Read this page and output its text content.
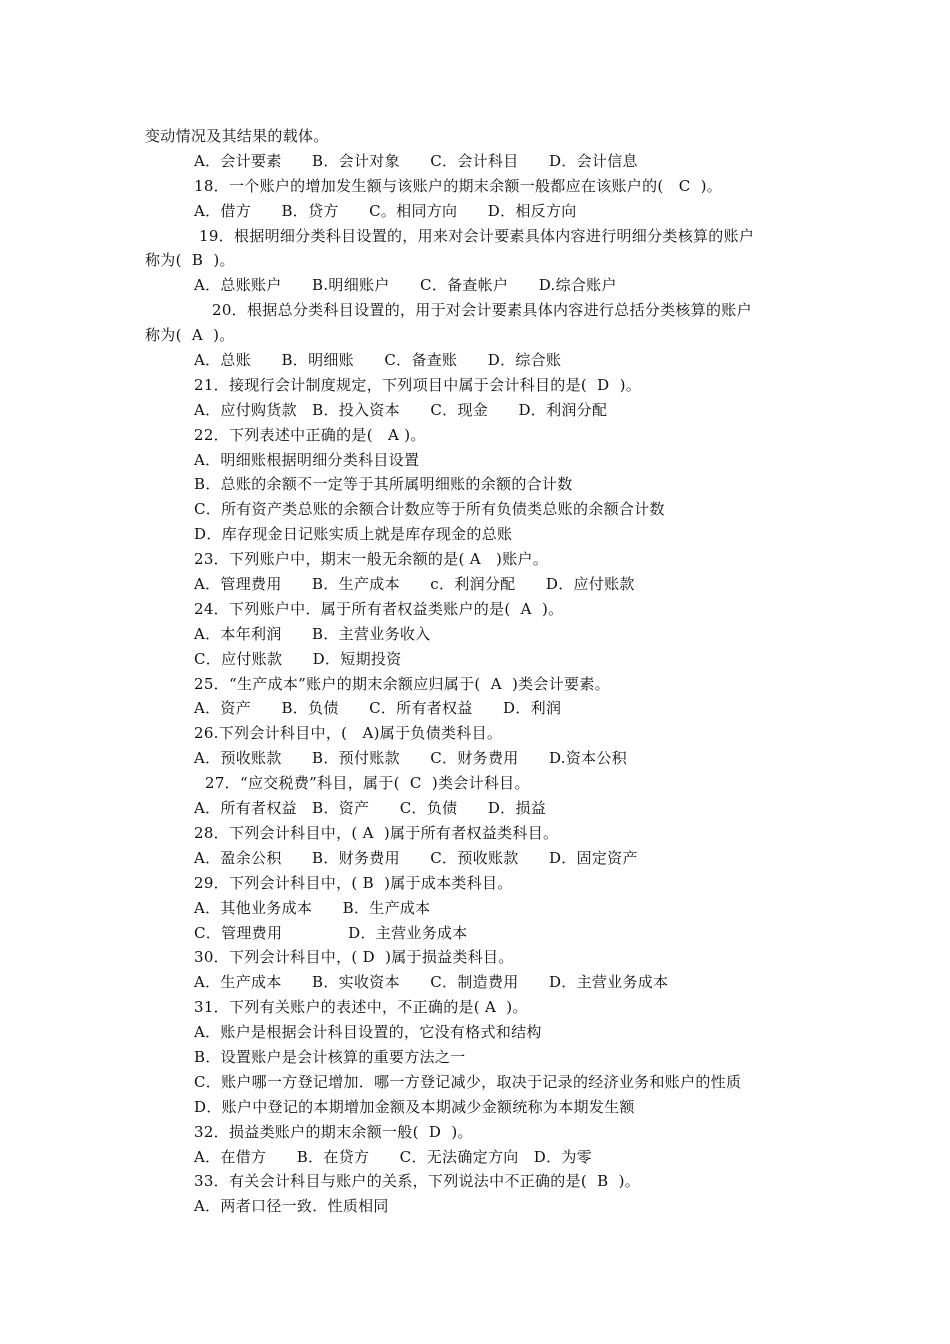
变动情况及其结果的载体。
A．会计要素      B．会计对象      C．会计科目      D．会计信息
18．一个账户的增加发生额与该账户的期末余额一般都应在该账户的(   C  )。
A．借方      B．贷方      C。相同方向      D．相反方向
19．根据明细分类科目设置的，用来对会计要素具体内容进行明细分类核算的账户
称为(  B  )。
A．总账账户      B.明细账户      C．备查帐户      D.综合账户
20．根据总分类科目设置的，用于对会计要素具体内容进行总括分类核算的账户
称为(  A  )。
A．总账      B．明细账      C．备查账      D．综合账
21．接现行会计制度规定，下列项目中属于会计科目的是(  D  )。
A．应付购货款   B．投入资本      C．现金      D．利润分配
22．下列表述中正确的是(   A )。
A．明细账根据明细分类科目设置
B．总账的余额不一定等于其所属明细账的余额的合计数
C．所有资产类总账的余额合计数应等于所有负债类总账的余额合计数
D．库存现金日记账实质上就是库存现金的总账
23．下列账户中，期末一般无余额的是( A   )账户。
A．管理费用      B．生产成本      c．利润分配      D．应付账款
24．下列账户中．属于所有者权益类账户的是(  A  )。
A．本年利润      B．主营业务收入
C．应付账款      D．短期投资
25．“生产成本”账户的期末余额应归属于(  A  )类会计要素。
A．资产      B．负债      C．所有者权益      D．利润
26.下列会计科目中，(   A)属于负债类科目。
A．预收账款      B．预付账款      C．财务费用      D.资本公积
27．“应交税费”科目，属于(  C  )类会计科目。
A．所有者权益   B．资产      C．负债      D．损益
28．下列会计科目中，( A  )属于所有者权益类科目。
A．盈余公积      B．财务费用      C．预收账款      D．固定资产
29．下列会计科目中，( B  )属于成本类科目。
A．其他业务成本      B．生产成本
C．管理费用             D．主营业务成本
30．下列会计科目中，( D  )属于损益类科目。
A．生产成本      B．实收资本      C．制造费用      D．主营业务成本
31．下列有关账户的表述中，不正确的是( A  )。
A．账户是根据会计科目设置的，它没有格式和结构
B．设置账户是会计核算的重要方法之一
C．账户哪一方登记增加．哪一方登记减少，取决于记录的经济业务和账户的性质
D．账户中登记的本期增加金额及本期减少金额统称为本期发生额
32．损益类账户的期末余额一般(  D  )。
A．在借方      B．在贷方      C．无法确定方向   D．为零
33．有关会计科目与账户的关系，下列说法中不正确的是(  B  )。
A．两者口径一致．性质相同
